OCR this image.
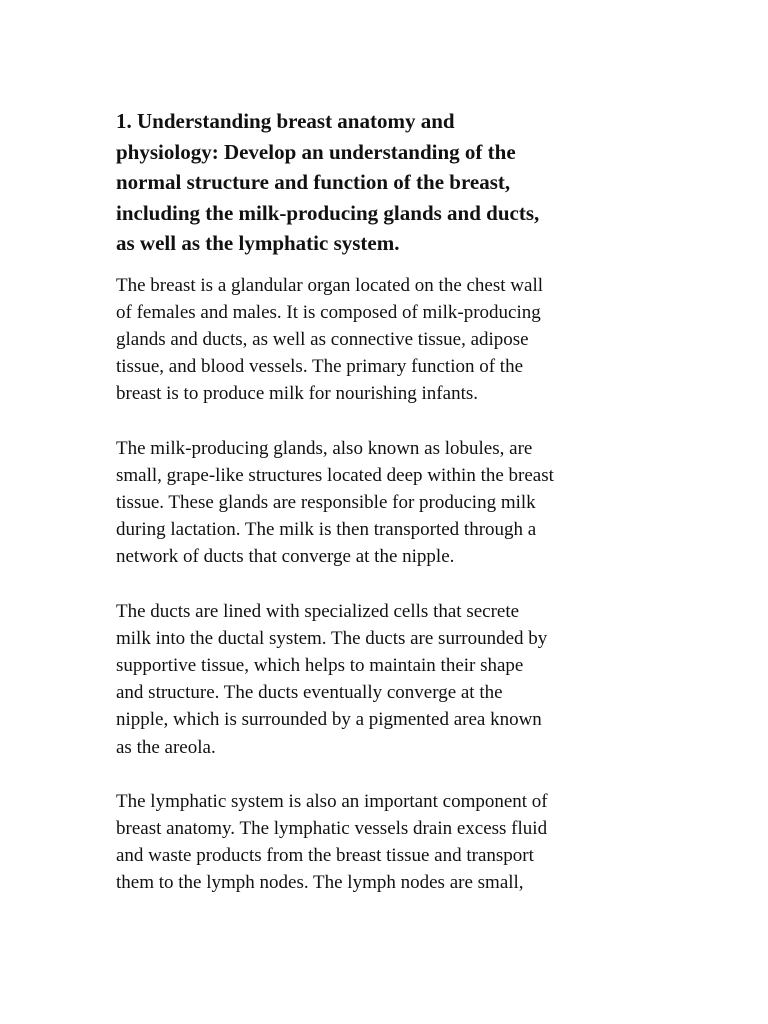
1. Understanding breast anatomy and
physiology: Develop an understanding of the
normal structure and function of the breast,
including the milk-producing glands and ducts,
as well as the lymphatic system.

The breast is a glandular organ located on the chest wall
of females and males. It is composed of milk-producing
glands and ducts, as well as connective tissue, adipose
tissue, and blood vessels. The primary function of the
breast is to produce milk for nourishing infants.

The milk-producing glands, also known as lobules, are
small, grape-like structures located deep within the breast
tissue. These glands are responsible for producing milk
during lactation. The milk is then transported through a
network of ducts that converge at the nipple.

The ducts are lined with specialized cells that secrete
milk into the ductal system. The ducts are surrounded by
supportive tissue, which helps to maintain their shape
and structure. The ducts eventually converge at the
nipple, which is surrounded by a pigmented area known
as the areola.

The lymphatic system is also an important component of
breast anatomy. The lymphatic vessels drain excess fluid
and waste products from the breast tissue and transport
them to the lymph nodes. The lymph nodes are small,
